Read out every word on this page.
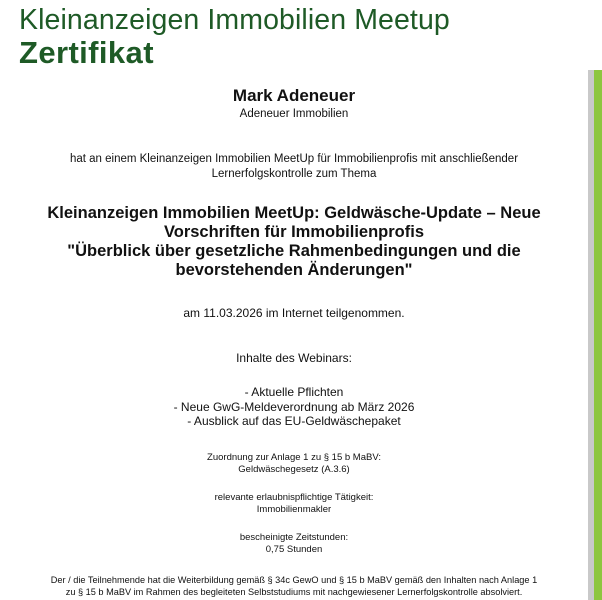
Kleinanzeigen Immobilien Meetup
Zertifikat
Mark Adeneuer
Adeneuer Immobilien
hat an einem Kleinanzeigen Immobilien MeetUp für Immobilienprofis mit anschließender
Lernerfolgskontrolle zum Thema
Kleinanzeigen Immobilien MeetUp: Geldwäsche-Update – Neue
Vorschriften für Immobilienprofis
"Überblick über gesetzliche Rahmenbedingungen und die
bevorstehenden Änderungen"
am 11.03.2026 im Internet teilgenommen.
Inhalte des Webinars:
- Aktuelle Pflichten
- Neue GwG-Meldeverordnung ab März 2026
- Ausblick auf das EU-Geldwäschepaket
Zuordnung zur Anlage 1 zu § 15 b MaBV:
Geldwäschegesetz (A.3.6)
relevante erlaubnispflichtige Tätigkeit:
Immobilienmakler
bescheinigte Zeitstunden:
0,75 Stunden
Der / die Teilnehmende hat die Weiterbildung gemäß § 34c GewO und § 15 b MaBV gemäß den Inhalten nach Anlage 1
zu § 15 b MaBV im Rahmen des begleiteten Selbststudiums mit nachgewiesener Lernerfolgskontrolle absolviert.
